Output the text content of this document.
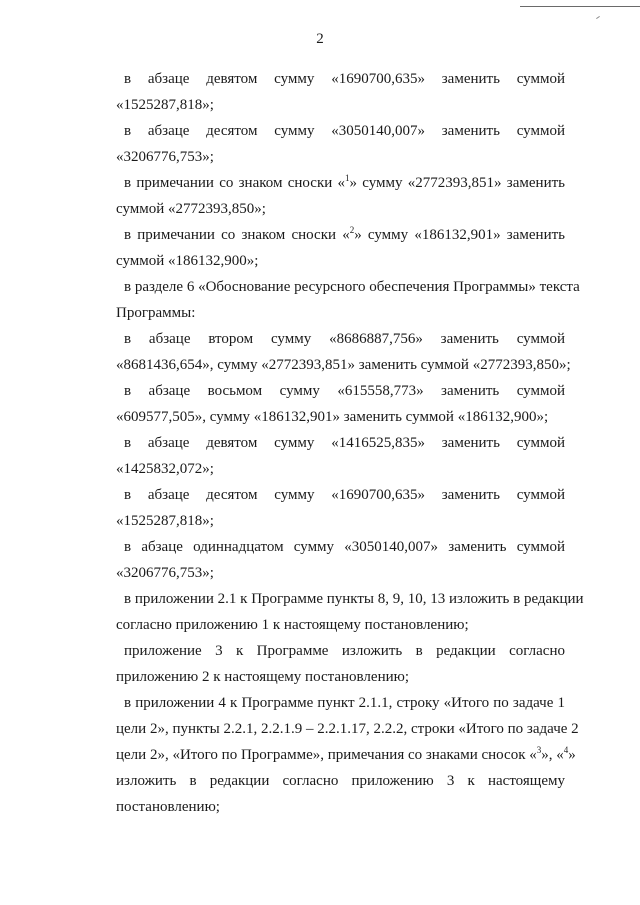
2

в абзаце девятом сумму «1690700,635» заменить суммой
«1525287,818»;

в абзаце десятом сумму «3050140,007» заменить суммой
«3206776,753»;

в примечании со знаком сноски «$^1$» сумму «2772393,851» заменить
суммой «2772393,850»;

в примечании со знаком сноски «$^2$» сумму «186132,901» заменить
суммой «186132,900»;

в разделе 6 «Обоснование ресурсного обеспечения Программы» текста
Программы:

в абзаце втором сумму «8686887,756» заменить суммой
«8681436,654», сумму «2772393,851» заменить суммой «2772393,850»;

в абзаце восьмом сумму «615558,773» заменить суммой
«609577,505», сумму «186132,901» заменить суммой «186132,900»;

в абзаце девятом сумму «1416525,835» заменить суммой
«1425832,072»;

в абзаце десятом сумму «1690700,635» заменить суммой
«1525287,818»;

в абзаце одиннадцатом сумму «3050140,007» заменить суммой
«3206776,753»;

в приложении 2.1 к Программе пункты 8, 9, 10, 13 изложить в редакции
согласно приложению 1 к настоящему постановлению;

приложение 3 к Программе изложить в редакции согласно
приложению 2 к настоящему постановлению;

в приложении 4 к Программе пункт 2.1.1, строку «Итого по задаче 1
цели 2», пункты 2.2.1, 2.2.1.9 – 2.2.1.17, 2.2.2, строки «Итого по задаче 2
цели 2», «Итого по Программе», примечания со знаками сносок «$^3$», «$^4$»
изложить в редакции согласно приложению 3 к настоящему
постановлению;
